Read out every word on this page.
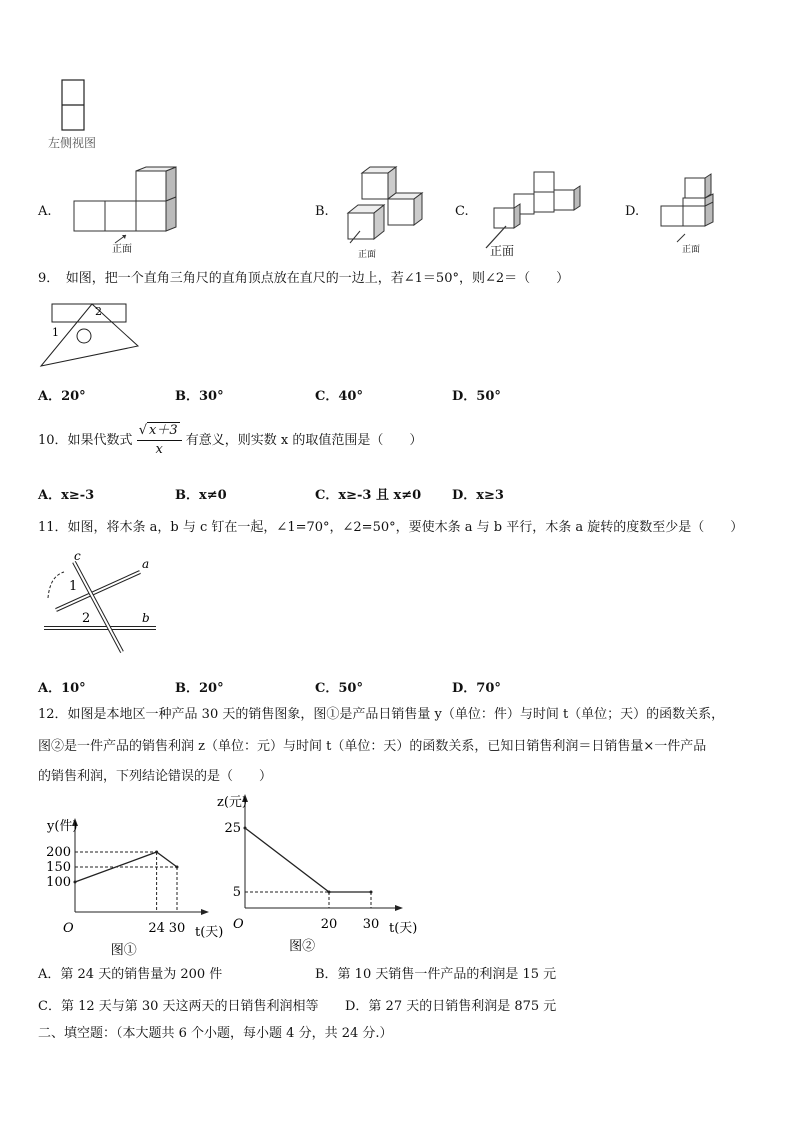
左侧视图
A.
正面
B.
正面
C.
正面
D.
正面
9．　如图，把一个直角三角尺的直角顶点放在直尺的一边上，若∠1＝50°，则∠2＝（　　）
1
2
A．20°	B．30°	C．40°	D．50°
10．如果代数式 $\frac{√ x+3}{x}$ 有意义，则实数 x 的取值范围是（　　）
A．x≥-3	B．x≠0	C．x≥-3 且 x≠0 D．x≥3
11．如图，将木条 a，b 与 c 钉在一起，∠1=70°，∠2=50°，要使木条 a 与 b 平行，木条 a 旋转的度数至少是（　　）
c
a
b
1
2
A．10°	B．20°	C．50°	D．70°
12．如图是本地区一种产品 30 天的销售图象，图①是产品日销售量 y（单位：件）与时间 t（单位；天）的函数关系，
图②是一件产品的销售利润 z（单位：元）与时间 t（单位：天）的函数关系，已知日销售利润＝日销售量×一件产品
的销售利润，下列结论错误的是（　　）
y(件)
t(天)
O
图①
100
150
200
24 30
z(元)
t(天)
O
图②
5
25
20 30
A．第 24 天的销售量为 200 件	B．第 10 天销售一件产品的利润是 15 元
C．第 12 天与第 30 天这两天的日销售利润相等 D．第 27 天的日销售利润是 875 元
二、填空题：（本大题共 6 个小题，每小题 4 分，共 24 分.）
